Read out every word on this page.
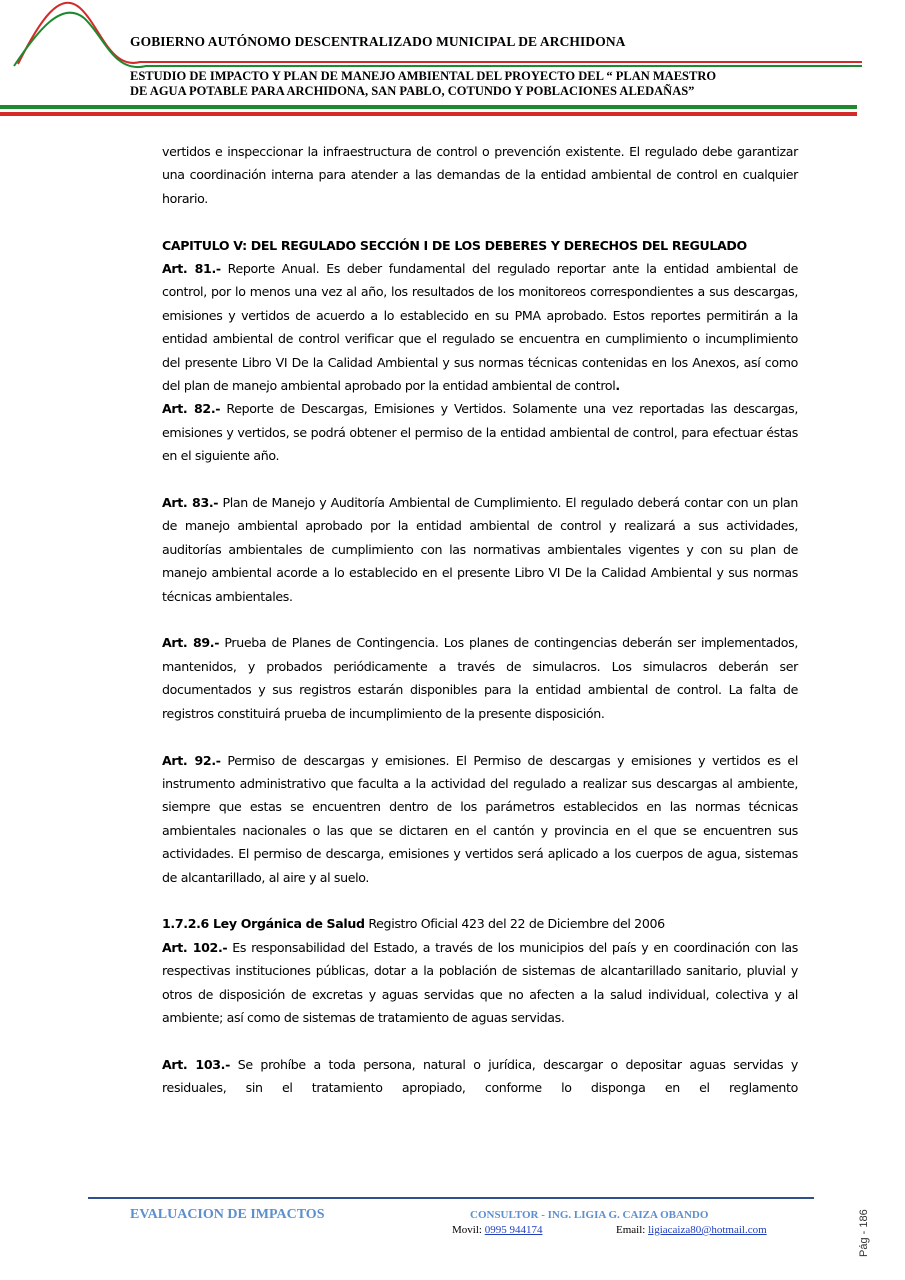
GOBIERNO AUTÓNOMO DESCENTRALIZADO MUNICIPAL DE ARCHIDONA
ESTUDIO DE IMPACTO Y PLAN DE MANEJO AMBIENTAL DEL PROYECTO DEL “ PLAN MAESTRO
DE AGUA POTABLE PARA ARCHIDONA, SAN PABLO, COTUNDO Y POBLACIONES ALEDAÑAS”

vertidos e inspeccionar la infraestructura de control o prevención existente. El regulado debe garantizar una coordinación interna para atender a las demandas de la entidad ambiental de control en cualquier horario.

CAPITULO V: DEL REGULADO SECCIÓN I DE LOS DEBERES Y DERECHOS DEL REGULADO

Art. 81.- Reporte Anual. Es deber fundamental del regulado reportar ante la entidad ambiental de control, por lo menos una vez al año, los resultados de los monitoreos correspondientes a sus descargas, emisiones y vertidos de acuerdo a lo establecido en su PMA aprobado. Estos reportes permitirán a la entidad ambiental de control verificar que el regulado se encuentra en cumplimiento o incumplimiento del presente Libro VI De la Calidad Ambiental y sus normas técnicas contenidas en los Anexos, así como del plan de manejo ambiental aprobado por la entidad ambiental de control.

Art. 82.- Reporte de Descargas, Emisiones y Vertidos. Solamente una vez reportadas las descargas, emisiones y vertidos, se podrá obtener el permiso de la entidad ambiental de control, para efectuar éstas en el siguiente año.

Art. 83.- Plan de Manejo y Auditoría Ambiental de Cumplimiento. El regulado deberá contar con un plan de manejo ambiental aprobado por la entidad ambiental de control y realizará a sus actividades, auditorías ambientales de cumplimiento con las normativas ambientales vigentes y con su plan de manejo ambiental acorde a lo establecido en el presente Libro VI De la Calidad Ambiental y sus normas técnicas ambientales.

Art. 89.- Prueba de Planes de Contingencia. Los planes de contingencias deberán ser implementados, mantenidos, y probados periódicamente a través de simulacros. Los simulacros deberán ser documentados y sus registros estarán disponibles para la entidad ambiental de control. La falta de registros constituirá prueba de incumplimiento de la presente disposición.

Art. 92.- Permiso de descargas y emisiones. El Permiso de descargas y emisiones y vertidos es el instrumento administrativo que faculta a la actividad del regulado a realizar sus descargas al ambiente, siempre que estas se encuentren dentro de los parámetros establecidos en las normas técnicas ambientales nacionales o las que se dictaren en el cantón y provincia en el que se encuentren sus actividades. El permiso de descarga, emisiones y vertidos será aplicado a los cuerpos de agua, sistemas de alcantarillado, al aire y al suelo.

1.7.2.6 Ley Orgánica de Salud Registro Oficial 423 del 22 de Diciembre del 2006

Art. 102.- Es responsabilidad del Estado, a través de los municipios del país y en coordinación con las respectivas instituciones públicas, dotar a la población de sistemas de alcantarillado sanitario, pluvial y otros de disposición de excretas y aguas servidas que no afecten a la salud individual, colectiva y al ambiente; así como de sistemas de tratamiento de aguas servidas.

Art. 103.- Se prohíbe a toda persona, natural o jurídica, descargar o depositar aguas servidas y residuales, sin el tratamiento apropiado, conforme lo disponga en el reglamento

EVALUACION DE IMPACTOS	CONSULTOR - ING. LIGIA G. CAIZA OBANDO
Movil: 0995 944174	Email: ligiacaiza80@hotmail.com	Pág - 186
